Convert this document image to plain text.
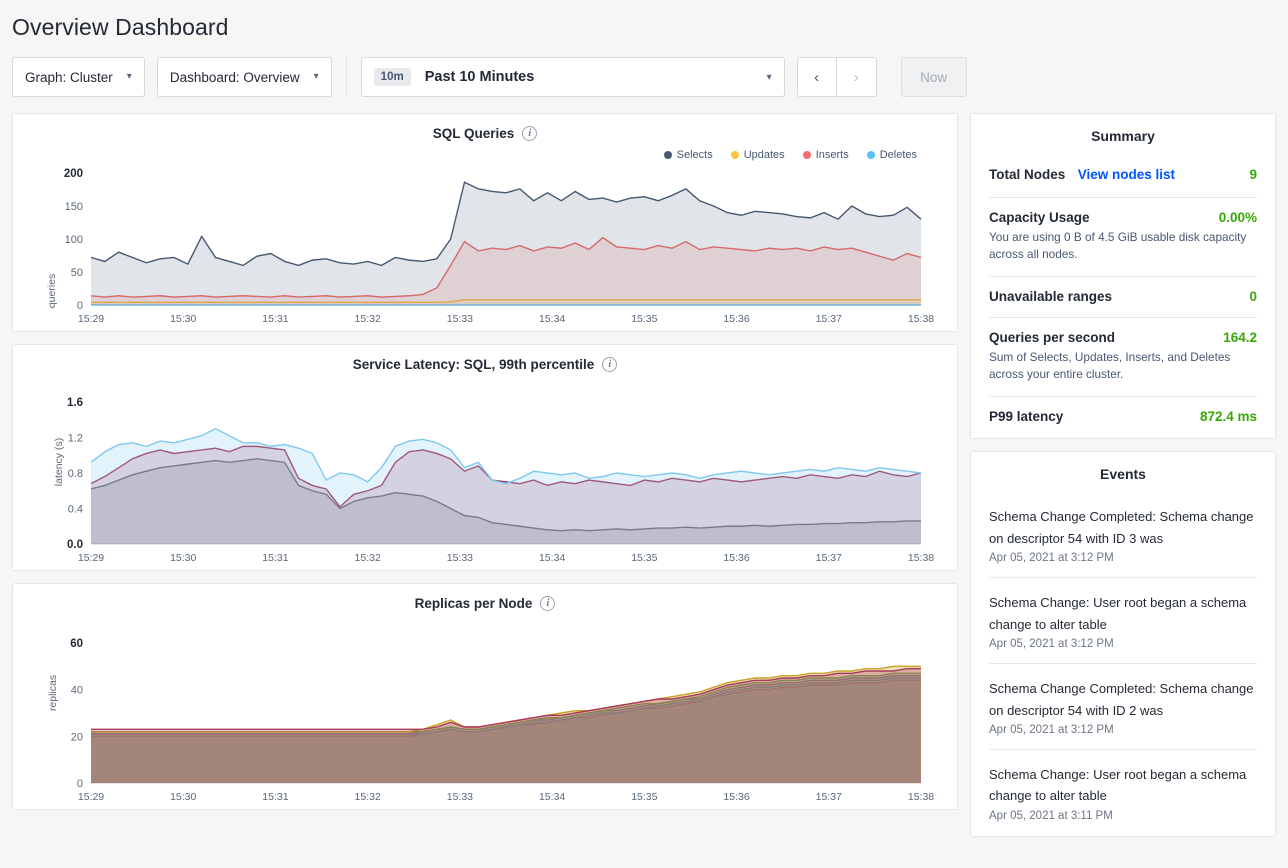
Overview Dashboard
Graph: Cluster ▾	Dashboard: Overview ▾	10m	Past 10 Minutes	▾	‹	›	Now
SQL Queries	i
Selects	Updates	Inserts	Deletes
queries
200
150
100
50
0
15:29	15:30	15:31	15:32	15:33	15:34	15:35	15:36	15:37	15:38
Service Latency: SQL, 99th percentile	i
latency (s)
1.6
1.2
0.8
0.4
0.0
15:29	15:30	15:31	15:32	15:33	15:34	15:35	15:36	15:37	15:38
Replicas per Node	i
replicas
60
40
20
0
15:29	15:30	15:31	15:32	15:33	15:34	15:35	15:36	15:37	15:38
Summary
Total Nodes View nodes list	9
Capacity Usage	0.00%
You are using 0 B of 4.5 GiB usable disk capacity across all nodes.
Unavailable ranges	0
Queries per second	164.2
Sum of Selects, Updates, Inserts, and Deletes across your entire cluster.
P99 latency	872.4 ms
Events
Schema Change Completed: Schema change on descriptor 54 with ID 3 was
Apr 05, 2021 at 3:12 PM
Schema Change: User root began a schema change to alter table
Apr 05, 2021 at 3:12 PM
Schema Change Completed: Schema change on descriptor 54 with ID 2 was
Apr 05, 2021 at 3:12 PM
Schema Change: User root began a schema change to alter table
Apr 05, 2021 at 3:11 PM
